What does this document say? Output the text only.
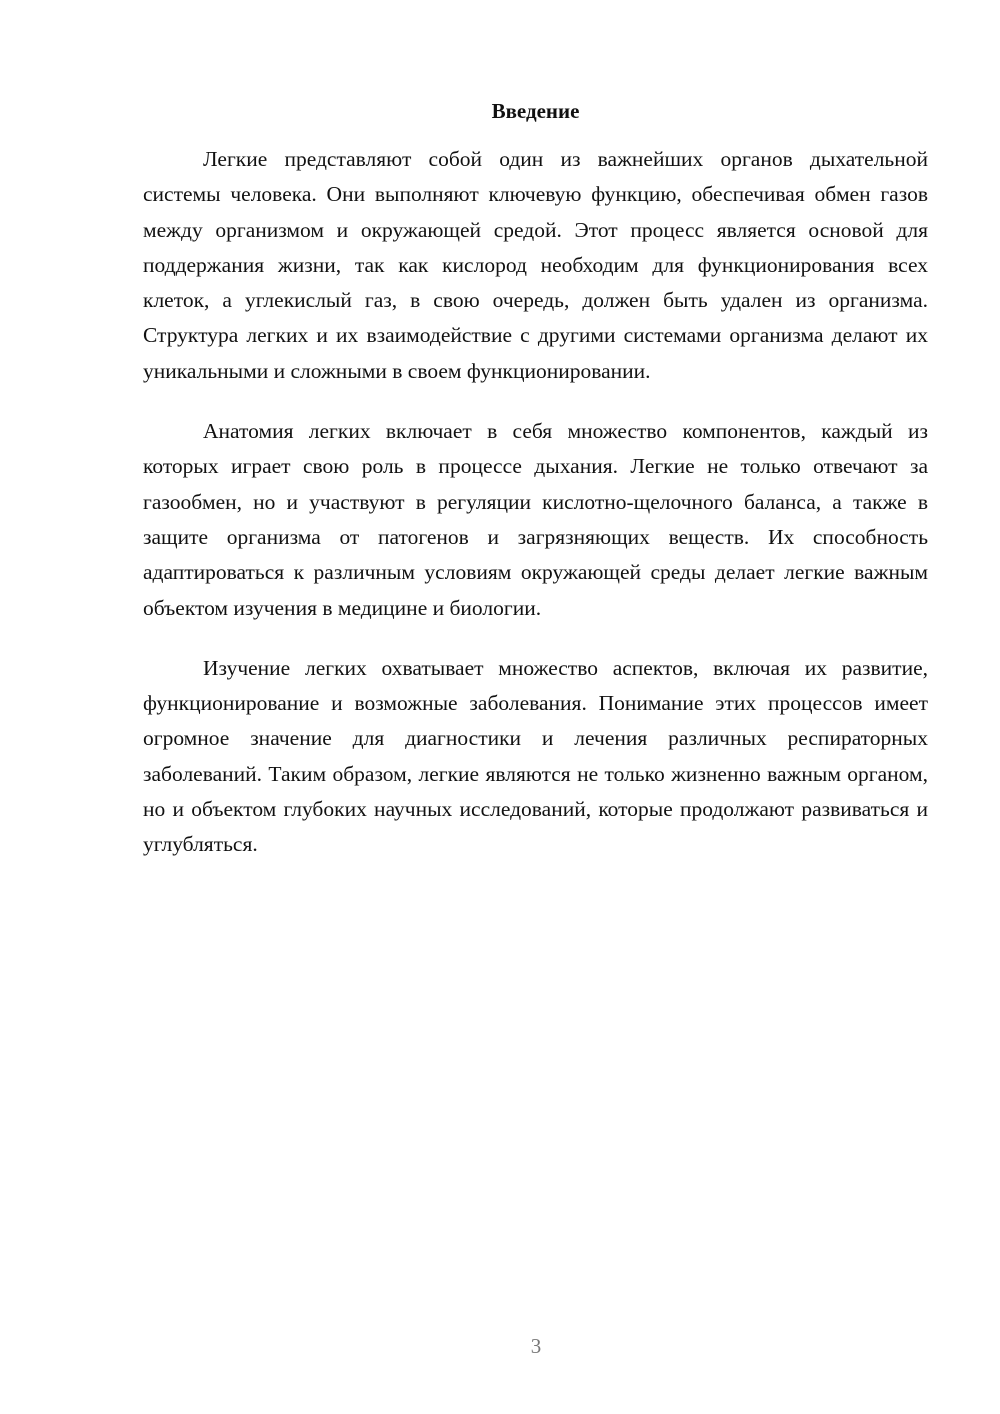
Введение

Легкие представляют собой один из важнейших органов дыхательной системы человека. Они выполняют ключевую функцию, обеспечивая обмен газов между организмом и окружающей средой. Этот процесс является основой для поддержания жизни, так как кислород необходим для функционирования всех клеток, а углекислый газ, в свою очередь, должен быть удален из организма. Структура легких и их взаимодействие с другими системами организма делают их уникальными и сложными в своем функционировании.

Анатомия легких включает в себя множество компонентов, каждый из которых играет свою роль в процессе дыхания. Легкие не только отвечают за газообмен, но и участвуют в регуляции кислотно-щелочного баланса, а также в защите организма от патогенов и загрязняющих веществ. Их способность адаптироваться к различным условиям окружающей среды делает легкие важным объектом изучения в медицине и биологии.

Изучение легких охватывает множество аспектов, включая их развитие, функционирование и возможные заболевания. Понимание этих процессов имеет огромное значение для диагностики и лечения различных респираторных заболеваний. Таким образом, легкие являются не только жизненно важным органом, но и объектом глубоких научных исследований, которые продолжают развиваться и углубляться.

3
